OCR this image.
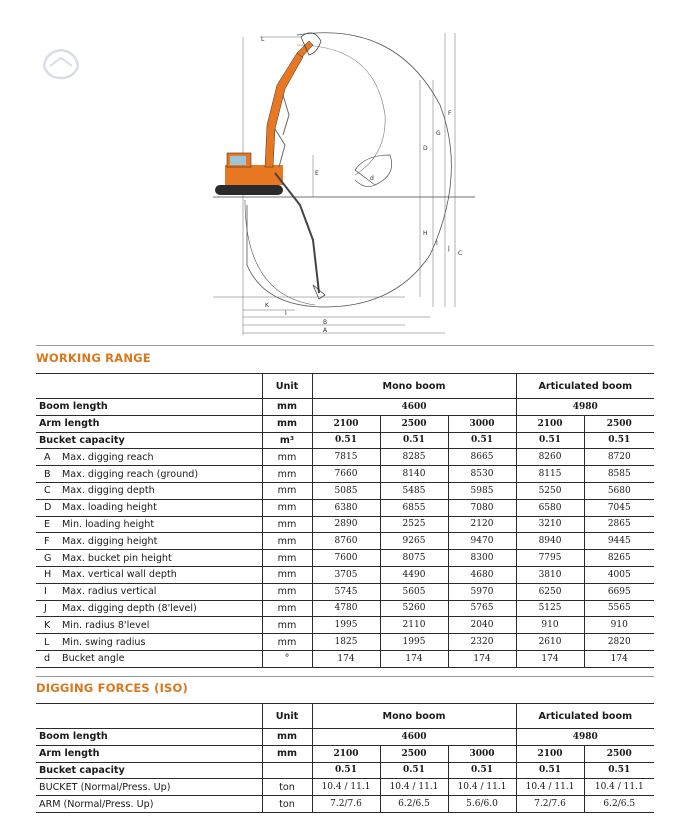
L
F
G
D
E
d
H
I
J
C
K
I
B
A
WORKING RANGE
	Unit	Mono boom			Articulated boom	
Boom length	mm	4600			4980	
Arm length	mm	2100	2500	3000	2100	2500
Bucket capacity	m³	0.51	0.51	0.51	0.51	0.51
A Max. digging reach	mm	7815	8285	8665	8260	8720
B Max. digging reach (ground)	mm	7660	8140	8530	8115	8585
C Max. digging depth	mm	5085	5485	5985	5250	5680
D Max. loading height	mm	6380	6855	7080	6580	7045
E Min. loading height	mm	2890	2525	2120	3210	2865
F Max. digging height	mm	8760	9265	9470	8940	9445
G Max. bucket pin height	mm	7600	8075	8300	7795	8265
H Max. vertical wall depth	mm	3705	4490	4680	3810	4005
I Max. radius vertical	mm	5745	5605	5970	6250	6695
J Max. digging depth (8'level)	mm	4780	5260	5765	5125	5565
K Min. radius 8'level	mm	1995	2110	2040	910	910
L Min. swing radius	mm	1825	1995	2320	2610	2820
d Bucket angle	°	174	174	174	174	174
DIGGING FORCES (ISO)
	Unit	Mono boom			Articulated boom	
Boom length	mm	4600			4980	
Arm length	mm	2100	2500	3000	2100	2500
Bucket capacity		0.51	0.51	0.51	0.51	0.51
BUCKET (Normal/Press. Up)	ton	10.4 / 11.1	10.4 / 11.1	10.4 / 11.1	10.4 / 11.1	10.4 / 11.1
ARM (Normal/Press. Up)	ton	7.2/7.6	6.2/6.5	5.6/6.0	7.2/7.6	6.2/6.5
